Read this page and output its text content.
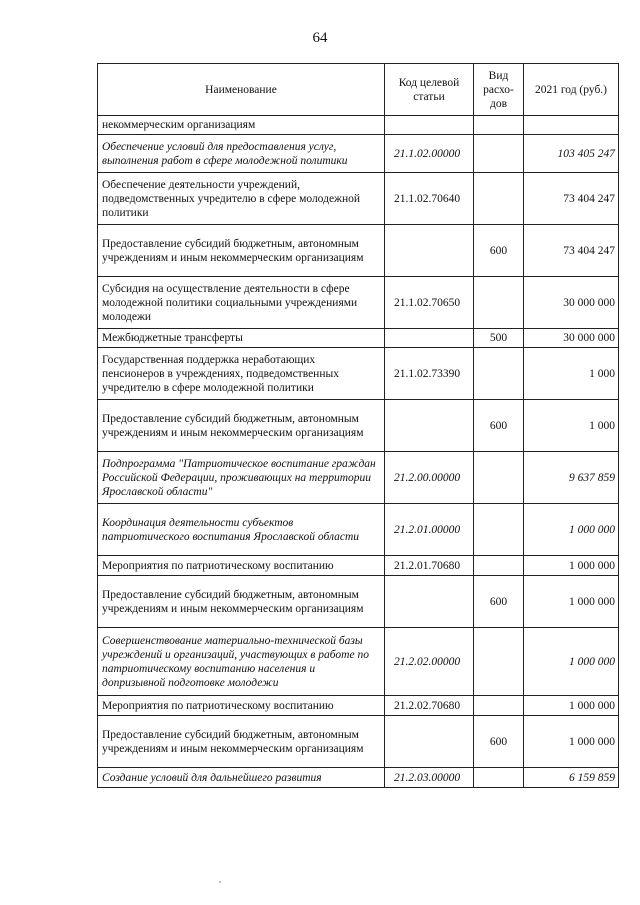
64
Наименование	Код целевой статьи	Вид расхо-дов	2021 год (руб.)
некоммерческим организациям			
Обеспечение условий для предоставления услуг, выполнения работ в сфере молодежной политики	21.1.02.00000		103 405 247
Обеспечение деятельности учреждений, подведомственных учредителю в сфере молодежной политики	21.1.02.70640		73 404 247
Предоставление субсидий бюджетным, автономным учреждениям и иным некоммерческим организациям		600	73 404 247
Субсидия на осуществление деятельности в сфере молодежной политики социальными учреждениями молодежи	21.1.02.70650		30 000 000
Межбюджетные трансферты		500	30 000 000
Государственная поддержка неработающих пенсионеров в учреждениях, подведомственных учредителю в сфере молодежной политики	21.1.02.73390		1 000
Предоставление субсидий бюджетным, автономным учреждениям и иным некоммерческим организациям		600	1 000
Подпрограмма "Патриотическое воспитание граждан Российской Федерации, проживающих на территории Ярославской области"	21.2.00.00000		9 637 859
Координация деятельности субъектов патриотического воспитания Ярославской области	21.2.01.00000		1 000 000
Мероприятия по патриотическому воспитанию	21.2.01.70680		1 000 000
Предоставление субсидий бюджетным, автономным учреждениям и иным некоммерческим организациям		600	1 000 000
Совершенствование материально-технической базы учреждений и организаций, участвующих в работе по патриотическому воспитанию населения и допризывной подготовке молодежи	21.2.02.00000		1 000 000
Мероприятия по патриотическому воспитанию	21.2.02.70680		1 000 000
Предоставление субсидий бюджетным, автономным учреждениям и иным некоммерческим организациям		600	1 000 000
Создание условий для дальнейшего развития	21.2.03.00000		6 159 859
